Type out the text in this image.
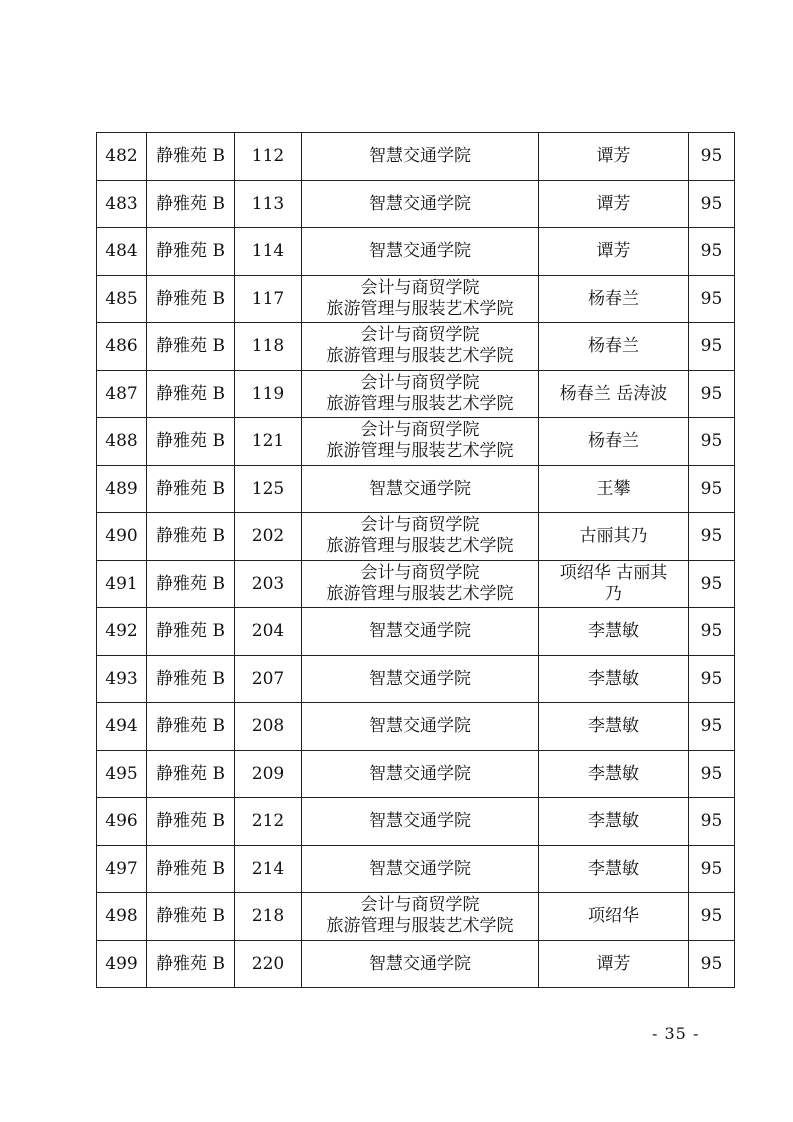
482	静雅苑 B	112	智慧交通学院	谭芳	95
483	静雅苑 B	113	智慧交通学院	谭芳	95
484	静雅苑 B	114	智慧交通学院	谭芳	95
485	静雅苑 B	117	会计与商贸学院
旅游管理与服装艺术学院	杨春兰	95
486	静雅苑 B	118	会计与商贸学院
旅游管理与服装艺术学院	杨春兰	95
487	静雅苑 B	119	会计与商贸学院
旅游管理与服装艺术学院	杨春兰 岳涛波	95
488	静雅苑 B	121	会计与商贸学院
旅游管理与服装艺术学院	杨春兰	95
489	静雅苑 B	125	智慧交通学院	王攀	95
490	静雅苑 B	202	会计与商贸学院
旅游管理与服装艺术学院	古丽其乃	95
491	静雅苑 B	203	会计与商贸学院
旅游管理与服装艺术学院	项绍华 古丽其
乃	95
492	静雅苑 B	204	智慧交通学院	李慧敏	95
493	静雅苑 B	207	智慧交通学院	李慧敏	95
494	静雅苑 B	208	智慧交通学院	李慧敏	95
495	静雅苑 B	209	智慧交通学院	李慧敏	95
496	静雅苑 B	212	智慧交通学院	李慧敏	95
497	静雅苑 B	214	智慧交通学院	李慧敏	95
498	静雅苑 B	218	会计与商贸学院
旅游管理与服装艺术学院	项绍华	95
499	静雅苑 B	220	智慧交通学院	谭芳	95
- 35 -
